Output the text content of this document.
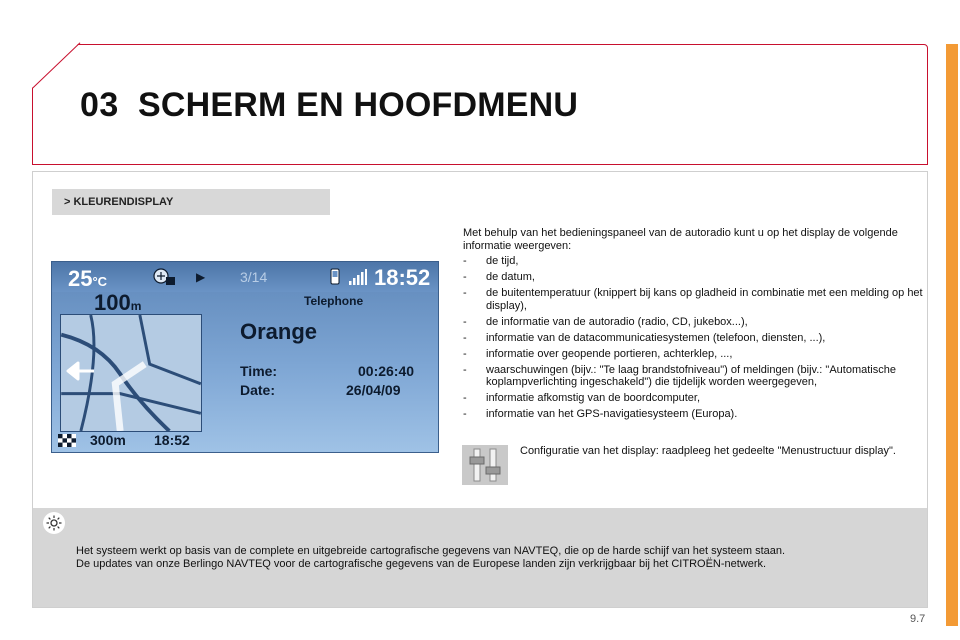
03 SCHERM EN HOOFDMENU
> KLEURENDISPLAY
25°C	▶ 3/14	18:52
100m	Telephone
Orange
Time:	00:26:40
Date:	26/04/09
300m 18:52

Met behulp van het bedieningspaneel van de autoradio kunt u op het display de volgende informatie weergeven:

- de tijd,
- de datum,
- de buitentemperatuur (knippert bij kans op gladheid in combinatie met een melding op het display),
- de informatie van de autoradio (radio, CD, jukebox...),
- informatie van de datacommunicatiesystemen (telefoon, diensten, ...),
- informatie over geopende portieren, achterklep, ...,
- waarschuwingen (bijv.: "Te laag brandstofniveau") of meldingen (bijv.: "Automatische koplampverlichting ingeschakeld") die tijdelijk worden weergegeven,
- informatie afkomstig van de boordcomputer,
- informatie van het GPS-navigatiesysteem (Europa).

Configuratie van het display: raadpleeg het gedeelte "Menustructuur display".

Het systeem werkt op basis van de complete en uitgebreide cartografische gegevens van NAVTEQ, die op de harde schijf van het systeem staan.
De updates van onze Berlingo NAVTEQ voor de cartografische gegevens van de Europese landen zijn verkrijgbaar bij het CITROËN-netwerk.
9.7
